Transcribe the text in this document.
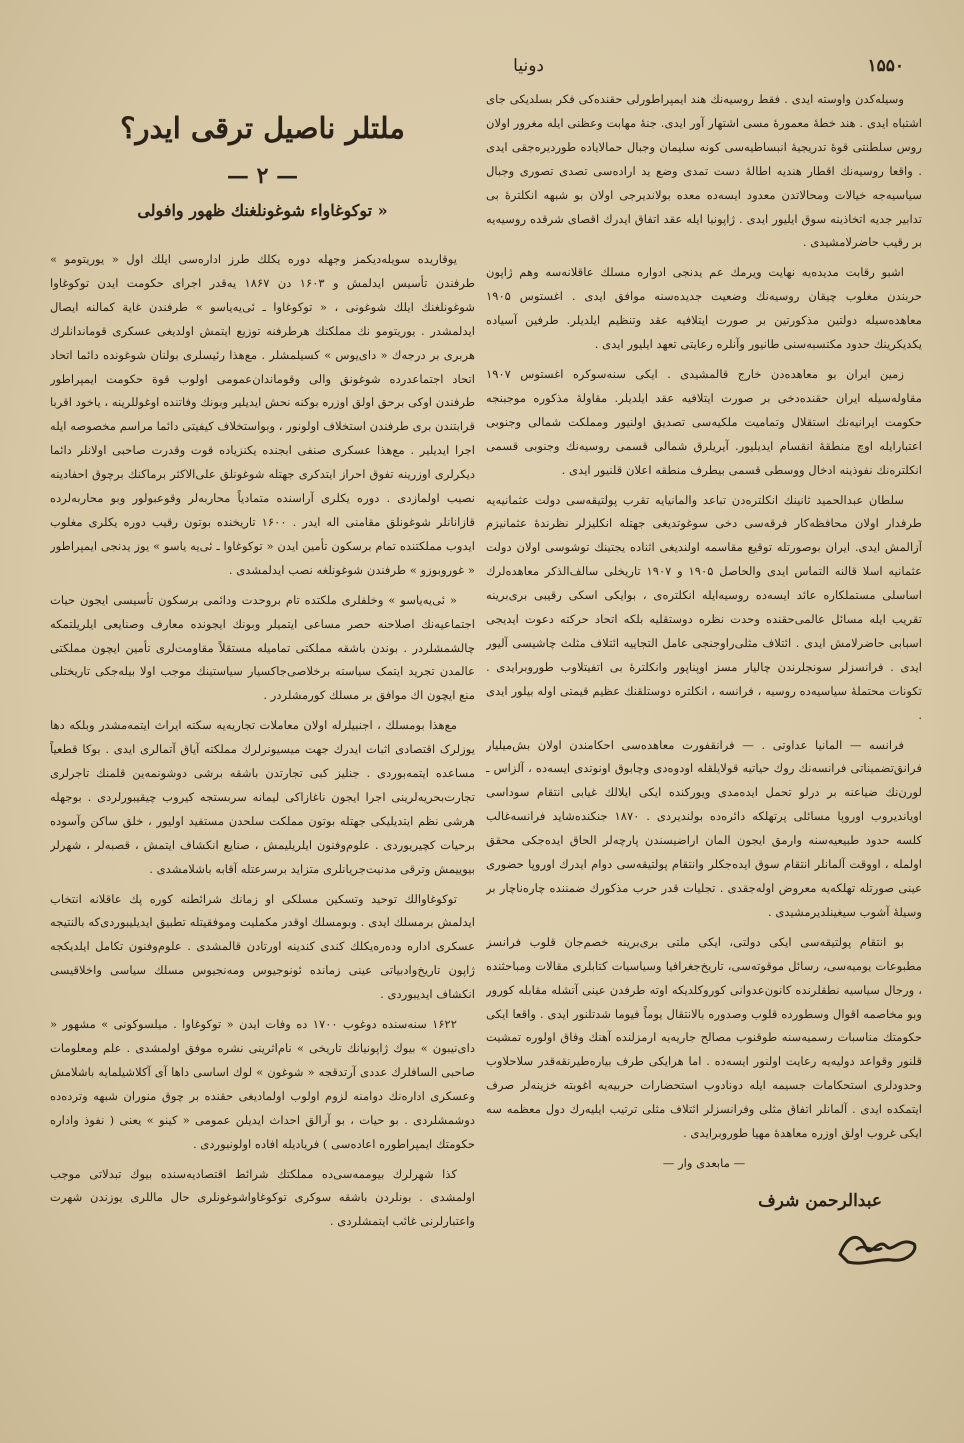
۱۵۵۰
دونیا

وسیله‌کدن واوسته ایدی . فقط روسیه‌نك هند ایمپراطورلی حقنده‌کی فکر بسلدیکی جای اشتباه ایدی . هند خطهٔ معمورهٔ مسی اشتهار آور ایدی. جنهٔ مهابت وعظنی ایله مغرور اولان روس سلطنتی قوهٔ تدریجیهٔ انبساطیه‌سی کونه سلیمان وجبال حمالایاده طوردیره‌جقی ایدی . واقعا روسیه‌نك اقطار هندیه اطالهٔ دست تمدی وضع ید اراده‌سی تصدی تصوری وجبال سیاسیه‌جه خیالات ومحالاتدن معدود ایسه‌ده معده بولاندیرجی اولان بو شبهه انکلترهٔ بی تدابیر جدیه اتخاذینه سوق ایلیور ایدی . ژاپونیا ایله عقد اتفاق ایدرك اقصای شرقده روسیه‌یه بر رقیب حاضرلامشیدی .

اشبو رقابت مدیده‌یه نهایت ویرمك عم یدنجی ادواره مسلك عاقلانه‌سه وهم ژاپون حربندن مغلوب چیقان روسیه‌نك وضعیت جدیده‌سنه موافق ایدی . اغستوس ۱۹۰۵ معاهده‌سیله دولتین مذکورتین بر صورت ایتلافیه عقد وتنظیم ایلدیلر. طرفین آسیاده یکدیکرینك حدود مکتسبه‌سنی طانیور وآنلره رعایتی تعهد ایلیور ایدی .

زمین ایران بو معاهده‌دن خارج قالمشیدی . ایکی سنه‌سوکره اغستوس ۱۹۰۷ مقاوله‌سیله ایران حقنده‌دخی بر صورت ایتلافیه عقد ایلدیلر. مقاولهٔ مذکوره موجبنجه حکومت ایرانیه‌نك استقلال وتمامیت ملکیه‌سی تصدیق اولنیور ومملکت شمالی وجنوبی اعتبارایله اوچ منطقهٔ انقسام ایدیلیور. آیریلرق شمالی قسمی روسیه‌نك وجنوبی قسمی انکلتره‌نك نفوذینه ادخال ووسطی قسمی بیطرف منطقه اعلان قلنیور ایدی .

سلطان عبدالحمید ثانینك انکلتره‌دن تباعد والمانیایه تقرب پولتیقه‌سی دولت عثمانیه‌یه طرفدار اولان محافظه‌کار فرقه‌سی دخی سوغوتدیغی جهتله انکلیزلر نظرندهٔ عثمانیزم آزالمش ایدی. ایران بوصورتله توقیع مقاسمه اولندیغی اثناده یجتینك توشوسی اولان دولت عثمانیه اسلا قالنه التماس ایدی والحاصل ۱۹۰۵ و ۱۹۰۷ تاریخلی سالف‌الذکر معاهده‌لرك اساسلی مستملکاره عائد ایسه‌ده روسیه‌ایله انکلتره‌ی ، بوایکی اسکی رقیبی بری‌برینه تقریب ایله مسائل عالمی‌حقنده وحدت نظره دوستقلیه بلکه اتحاد حرکته دعوت ایدیجی اسبابی حاضرلامش ایدی . ائتلاف مثلی‌راوجنجی عامل التجاییه ائتلاف مثلث چاشیسی آلیور ایدی . فرانسزلر سونجلرندن چالیار مسز اوپناپور وانکلترهٔ بی اتفیتلاوب طوروبرایدی . تکونات محتملهٔ سیاسیه‌ده روسیه ، فرانسه ، انکلتره دوستلقنك عظیم قیمتی اوله بیلور ایدی .

فرانسه — المانیا عداوتی . — فرانقفورت معاهده‌سی احکامندن اولان بش‌میلیار فرانق‌تضمیناتی فرانسه‌نك‌ روك حیاتیه قولایلقله اودوه‌دی وچابوق اونوتدی ایسه‌ده ، آلزاس ـ لورن‌نك ضیاعنه بر درلو تحمل ایده‌مدی ویوركنده ایکی ایلالك غیابی انتقام سوداسی اویاندیروب اوروپا مسائلی پرتهلكه دائره‌ده بولندیردی . ۱۸۷۰ جنکنده‌شاید فرانسه‌غالب کلسه حدود طبیعیه‌سنه وارمق ایجون المان اراضیسندن پارچه‌لر الحاق ایده‌جکی محقق اولمله ، اووقت آلمانلر انتقام سوق ایده‌جکلر وانتقام پولتیقه‌سی دوام ایدرك اوروپا حضوری عینی صورتله تهلکه‌یه معروض اوله‌جقدی . تجلیات قدر حرب مذکورك ضمننده چاره‌ناچار بر وسیلهٔ آشوب سیغینلدیرمشیدی .

بو انتقام پولتیقه‌سی ایکی دولتی، ایکی ملتی بری‌برینه خصم‌جان قلوب فرانسز مطبوعات یومیه‌سی، رسائل موقوته‌سی، تاریخ‌جغرافیا وسیاسیات کتابلری مقالات ومباحثنده ، ورجال سیاسیه نطقلرنده کانون‌عدوانی کوروکلدیکه اوته طرفدن عینی آتشله مقابله کورور وبو مخاصمه اقوال وسطورده قلوب وصدوره بالانتقال یوماً فیوما شدتلنور ایدی . واقعا ایکی حکومتك مناسبات رسمیه‌سنه طوقنوب مصالح جاریه‌یه ارمزلنده آهنك وفاق اولوره تمشیت قلنور وقواعد دولیه‌یه رعایت اولنور ایسه‌ده . اما هرایکی طرف بیاره‌طیرنقه‌قدر سلاحلاوب وحدودلری استحکامات جسیمه ایله دونادوب استحضارات حربیه‌یه اغوبته خزینه‌لر صرف ایتمکده ایدی . آلمانلر اتفاق مثلی وفرانسزلر ائتلاف مثلی ترتیب ایلیه‌رك دول معظمه سه ایکی غروب اولق اوزره معاهدهٔ مهیا طوروبرایدی .

— مابعدی وار —
عبدالرحمن شرف
ملتلر ناصیل ترقی ایدر؟
— ۲ —
« توکوغاواء شوغونلغنك ظهور وافولی

یوقاریده سویله‌دیکمز وجهله دوره یکلك طرز اداره‌سی ایلك اول « یوریتومو » طرفندن تأسیس ایدلمش و ۱۶۰۳ دن ۱۸۶۷ یه‌قدر اجرای حکومت ایدن توکوغاوا شوغونلغنك ایلك شوغونی ، « توکوغاوا ـ ئی‌یه‌یاسو » طرفندن غایة کمالنه ایصال ایدلمشدر . یوریتومو نك مملکتك هرطرفنه توزیع ایتمش اولدیغی عسکری قوماندانلرك هربری بر درجه‌ك « دای‌یوس » کسیلمشلر . مع‌هذا رئیسلری بولنان شوغونده دائما اتحاد اتحاد اجتماعدرده شوغونق والی وقوماندان‌عمومی اولوب قوة حکومت ایمپراطور طرفندن اوکی برحق اولق اوزره بوکنه نحش ایدیلیر وبونك وفاتنده اوغوللرینه ، یاخود اقربا قرابتندن بری طرفندن استخلاف اولونور ، وبواستخلاف کیفیتی دائما مراسم مخصوصه ایله اجرا ایدیلیر . مع‌هذا عسکری صنفی ابجنده یکنزیاده قوت وقدرت صاحبی اولانلر دائما دیکرلری اوزرینه تفوق احراز ایتدکری جهتله شوغونلق علی‌الاکثر برماکنك برچوق احفادینه نصیب اولمازدی . دوره یکلری آراسنده متمادیاً محاربه‌لر وقوعبولور وبو محاربه‌لرده قازانانلر شوغونلق مقامنی اله ایدر . ۱۶۰۰ تاریخنده بوتون رقیب دوره یکلری مغلوب ایدوب مملکتنده تمام برسکون تأمین ایدن « توکوغاوا ـ ئی‌یه یاسو » یوز یدنجی ایمپراطور « غوروبوزو » طرفندن شوغونلغه نصب ایدلمشدی .

« ئی‌یه‌یاسو » وخلفلری ملکتده تام بروحدت ودائمی برسکون تأسیسی ایجون حیات اجتماعیه‌نك اصلاحنه حصر مساعی ایتمیلر وبونك ایجونده معارف وصنایعی ایلریلتمکه چالشمشلردر . بوندن باشقه مملکتی تمامیله مستقلاً مقاومت‌لری تأمین ایچون مملکتی عالمدن تجرید ایتمک سیاسته برخلاصی‌جاکسیار سیاستینك موجب اولا بیله‌جکی تاریختلی منع ایچون اك موافق بر مسلك کورمشلردر .

مع‌هذا بومسلك ، اجنبیلرله اولان معاملات تجاریه‌یه سکته ایراث ایتمه‌مشدر وبلکه دها یوزلرک اقتصادی اثبات ایدرك جهت میسیونرلرك مملکته آیاق آتمالری ایدی . بوکا قطعیاً مساعده ایتمه‌بوردی . جنلیز کبی تجارتدن باشقه برشی دوشونمه‌ین قلمنك تاجرلری تجارت‌بحریه‌لرینی اجرا ایجون ناغازاکی لیمانه سربستجه کیروب چیقیبورلردی . بوجهله هرشی نظم ایتدیلیکی جهتله بوتون مملکت سلحدن مستفید اولیور ، خلق ساکن وآسوده برحیات کچیریوردی . علوم‌وفنون ایلریلیمش ، صنایع انکشاف ایتمش ، قصبه‌لر ، شهرلر بیوییمش وترقی مدنیت‌جریانلری متزاید برسرعتله آقابه باشلامشدی .

توکوغاوالك توحید وتسکین مسلکی او زمانك شرائطنه کوره پك عاقلانه انتخاب ایدلمش برمسلك ایدی . وبومسلك اوقدر مکملیت وموفقیتله تطبیق ایدیلیبوردی‌که بالنتیجه عسکری اداره وده‌ره‌یکلك کندی کندینه اورتادن قالمشدی . علوم‌وفنون تکامل ایلدیکجه ژاپون تاریخ‌وادبیاتی عینی زمانده ئونوجیوس ومه‌نجیوس مسلك سیاسی واخلاقیسی انکشاف ایدیبوردی .

۱۶۲۲ سنه‌سنده دوغوب ۱۷۰۰ ده وفات ایدن « توکوغاوا . میلسوکونی » مشهور « دای‌نیبون » بیوك ژاپونیانك تاریخی » نام‌اثرینی نشره موفق اولمشدی . علم ومعلومات صاحبی السافلرك عددی آرتدقجه « شوغون » لوك اساسی داها آی آکلاشیلمایه باشلامش وعسکری اداره‌نك دوامنه لزوم اولوب اولمادیغی حقنده بر چوق منوران شبهه وترده‌ده دوشمشلردی . بو حیات ، بو آرالق احداث ایدیلن عمومی « کینو » یعنی ( نفوذ واداره حکومتك ایمپراطوره اعاده‌سی ) فریادیله افاده اولونیوردی .

کذا شهرلرك بیوممه‌سی‌ده مملکتك شرائط اقتصادیه‌سنده بیوك تبدلاتی موجب اولمشدی . بونلردن باشقه سوكری توکوغاواشوغونلری حال ماللری یوزندن شهرت واعتبارلرنی غائب ایتمشلردی .
